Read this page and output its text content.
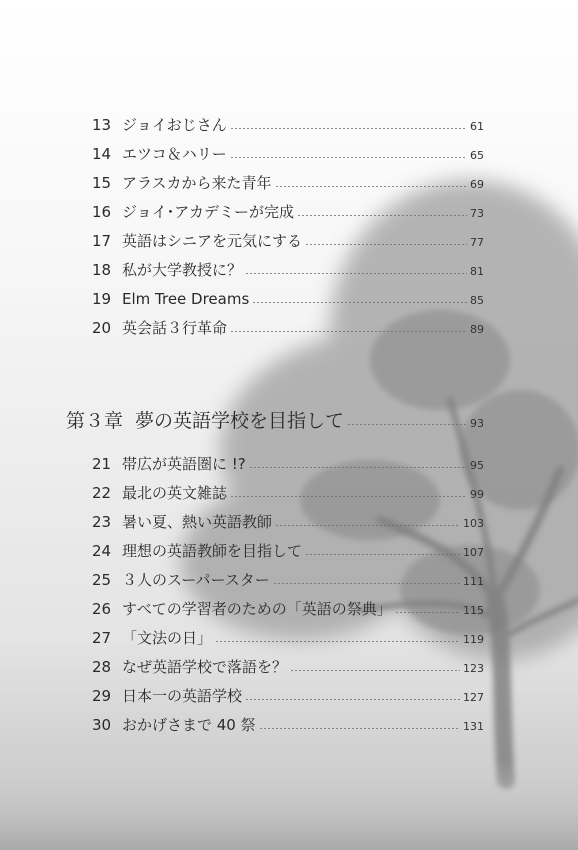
13 ジョイおじさん	61
14 エツコ＆ハリー	65
15 アラスカから来た青年	69
16 ジョイ･アカデミーが完成	73
17 英語はシニアを元気にする	77
18 私が大学教授に？	81
19 Elm Tree Dreams	85
20 英会話３行革命	89
第３章 夢の英語学校を目指して	93
21 帯広が英語圏に !?	95
22 最北の英文雑誌	99
23 暑い夏、熱い英語教師	103
24 理想の英語教師を目指して	107
25 ３人のスーパースター	111
26 すべての学習者のための「英語の祭典」	115
27 「文法の日」	119
28 なぜ英語学校で落語を？	123
29 日本一の英語学校	127
30 おかげさまで 40 祭	131
